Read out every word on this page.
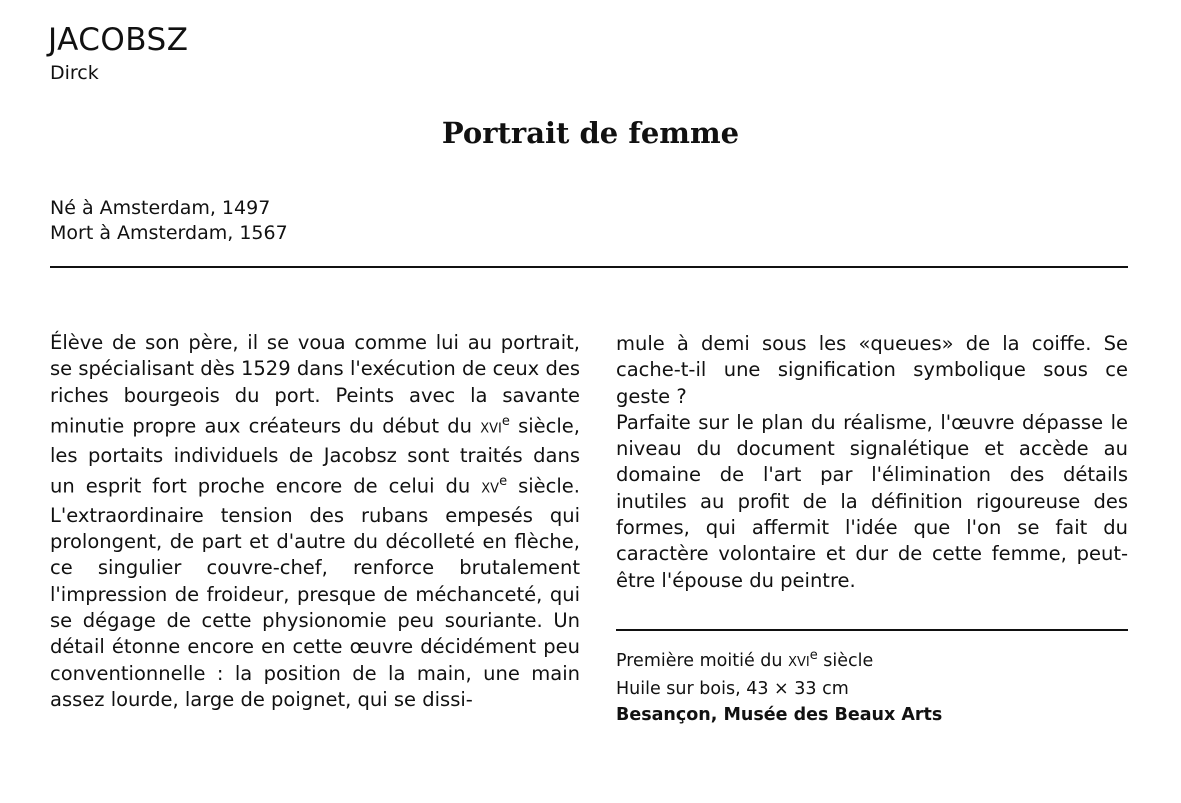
JACOBSZ
Dirck
Portrait de femme
Né à Amsterdam, 1497
Mort à Amsterdam, 1567

Élève de son père, il se voua comme lui au portrait, se spécialisant dès 1529 dans l'exécution de ceux des riches bourgeois du port. Peints avec la savante minutie propre aux créateurs du début du XVIe siècle, les portaits individuels de Jacobsz sont traités dans un esprit fort proche encore de celui du XVe siècle. L'extraordinaire tension des rubans empesés qui prolongent, de part et d'autre du décolleté en flèche, ce singulier couvre-chef, renforce brutalement l'impression de froideur, presque de méchanceté, qui se dégage de cette physionomie peu souriante. Un détail étonne encore en cette œuvre décidément peu conventionnelle : la position de la main, une main assez lourde, large de poignet, qui se dissi-

mule à demi sous les «queues» de la coiffe. Se cache-t-il une signification symbolique sous ce geste ?

Parfaite sur le plan du réalisme, l'œuvre dépasse le niveau du document signalétique et accède au domaine de l'art par l'élimination des détails inutiles au profit de la définition rigoureuse des formes, qui affermit l'idée que l'on se fait du caractère volontaire et dur de cette femme, peut-être l'épouse du peintre.

Première moitié du XVIe siècle
Huile sur bois, 43 × 33 cm
Besançon, Musée des Beaux Arts
